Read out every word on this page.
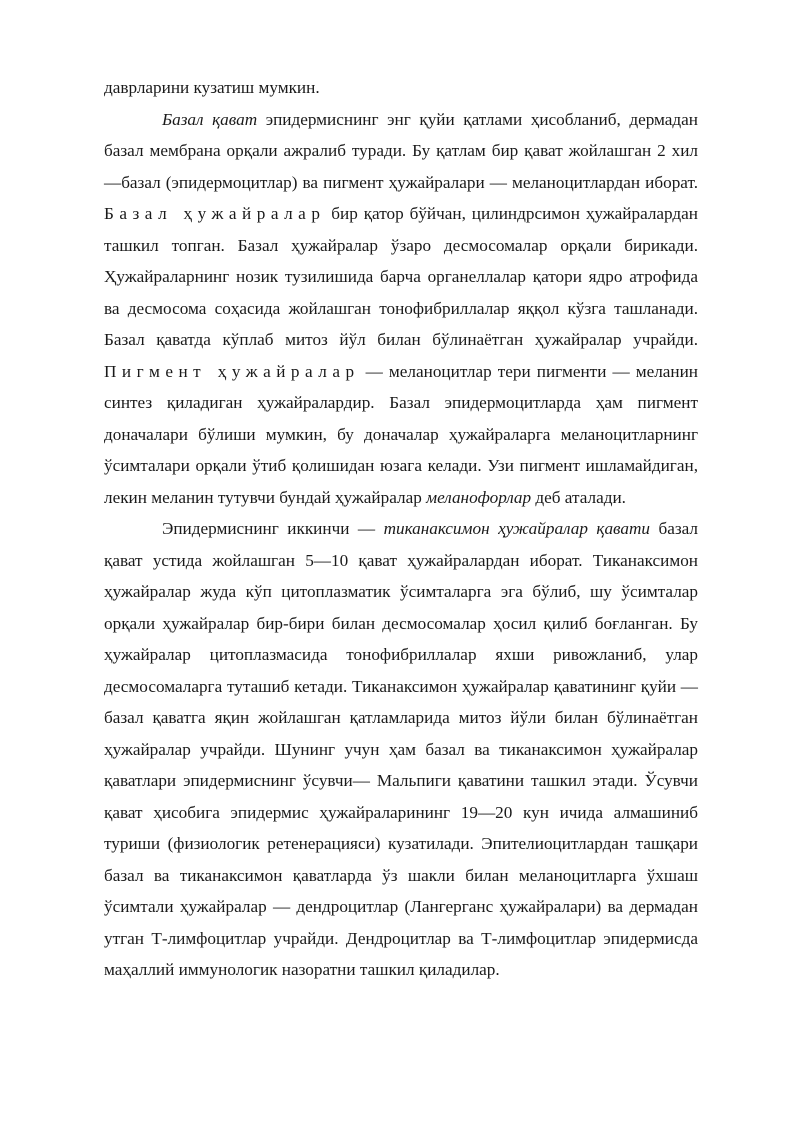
даврларини кузатиш мумкин.

Базал қават эпидермиснинг энг қуйи қатлами ҳисобланиб, дермадан базал мембрана орқали ажралиб туради. Бу қатлам бир қават жойлашган 2 хил —базал (эпидермоцитлар) ва пигмент ҳужайралари — меланоцитлардан иборат. Базал ҳужайралар бир қатор бўйчан, цилиндрсимон ҳужайралардан ташкил топган. Базал ҳужайралар ўзаро десмосомалар орқали бирикади. Ҳужайраларнинг нозик тузилишида барча органеллалар қатори ядро атрофида ва десмосома соҳасида жойлашган тонофибриллалар яққол кўзга ташланади. Базал қаватда кўплаб митоз йўл билан бўлинаётган ҳужайралар учрайди. Пигмент ҳужайралар — меланоцитлар тери пигменти — меланин синтез қиладиган ҳужайралардир. Базал эпидермоцитларда ҳам пигмент доначалари бўлиши мумкин, бу доначалар ҳужайраларга меланоцитларнинг ўсимталари орқали ўтиб қолишидан юзага келади. Узи пигмент ишламайдиган, лекин меланин тутувчи бундай ҳужайралар меланофорлар деб аталади.

Эпидермиснинг иккинчи — тиканаксимон ҳужайралар қавати базал қават устида жойлашган 5—10 қават ҳужайралардан иборат. Тиканаксимон ҳужайралар жуда кўп цитоплазматик ўсимталарга эга бўлиб, шу ўсимталар орқали ҳужайралар бир-бири билан десмосомалар ҳосил қилиб боғланган. Бу ҳужайралар цитоплазмасида тонофибриллалар яхши ривожланиб, улар десмосомаларга туташиб кетади. Тиканаксимон ҳужайралар қаватининг қуйи — базал қаватга яқин жойлашган қатламларида митоз йўли билан бўлинаётган ҳужайралар учрайди. Шунинг учун ҳам базал ва тиканаксимон ҳужайралар қаватлари эпидермиснинг ўсувчи— Мальпиги қаватини ташкил этади. Ўсувчи қават ҳисобига эпидермис ҳужайраларининг 19—20 кун ичида алмашиниб туриши (физиологик ретенерацияси) кузатилади. Эпителиоцитлардан ташқари базал ва тиканаксимон қаватларда ўз шакли билан меланоцитларга ўхшаш ўсимтали ҳужайралар — дендроцитлар (Лангерганс ҳужайралари) ва дермадан утган Т-лимфоцитлар учрайди. Дендроцитлар ва Т-лимфоцитлар эпидермисда маҳаллий иммунологик назоратни ташкил қиладилар.
